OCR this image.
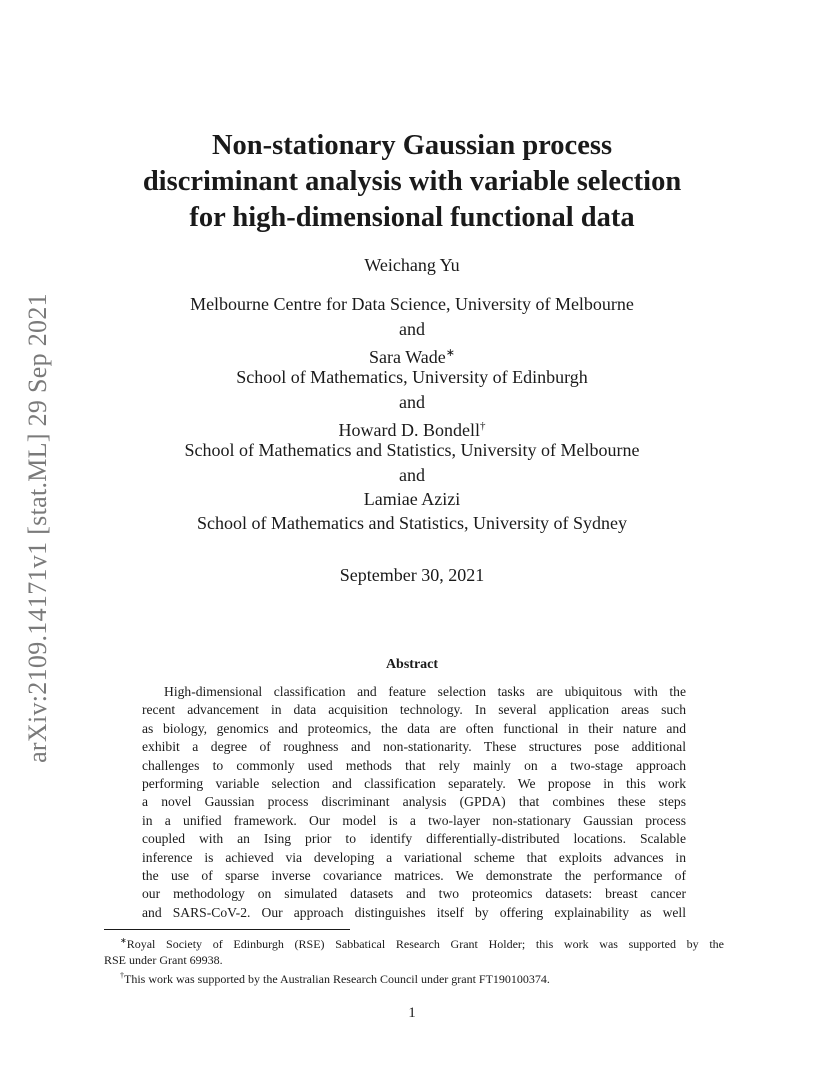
arXiv:2109.14171v1 [stat.ML] 29 Sep 2021
Non-stationary Gaussian process
discriminant analysis with variable selection
for high-dimensional functional data
Weichang Yu
Melbourne Centre for Data Science, University of Melbourne
and
Sara Wade∗
School of Mathematics, University of Edinburgh
and
Howard D. Bondell†
School of Mathematics and Statistics, University of Melbourne
and
Lamiae Azizi
School of Mathematics and Statistics, University of Sydney
September 30, 2021
Abstract
High-dimensional classification and feature selection tasks are ubiquitous with the
recent advancement in data acquisition technology. In several application areas such
as biology, genomics and proteomics, the data are often functional in their nature and
exhibit a degree of roughness and non-stationarity. These structures pose additional
challenges to commonly used methods that rely mainly on a two-stage approach
performing variable selection and classification separately. We propose in this work
a novel Gaussian process discriminant analysis (GPDA) that combines these steps
in a unified framework. Our model is a two-layer non-stationary Gaussian process
coupled with an Ising prior to identify differentially-distributed locations. Scalable
inference is achieved via developing a variational scheme that exploits advances in
the use of sparse inverse covariance matrices. We demonstrate the performance of
our methodology on simulated datasets and two proteomics datasets: breast cancer
and SARS-CoV-2. Our approach distinguishes itself by offering explainability as well
∗Royal Society of Edinburgh (RSE) Sabbatical Research Grant Holder; this work was supported by the
RSE under Grant 69938.
†This work was supported by the Australian Research Council under grant FT190100374.
1
